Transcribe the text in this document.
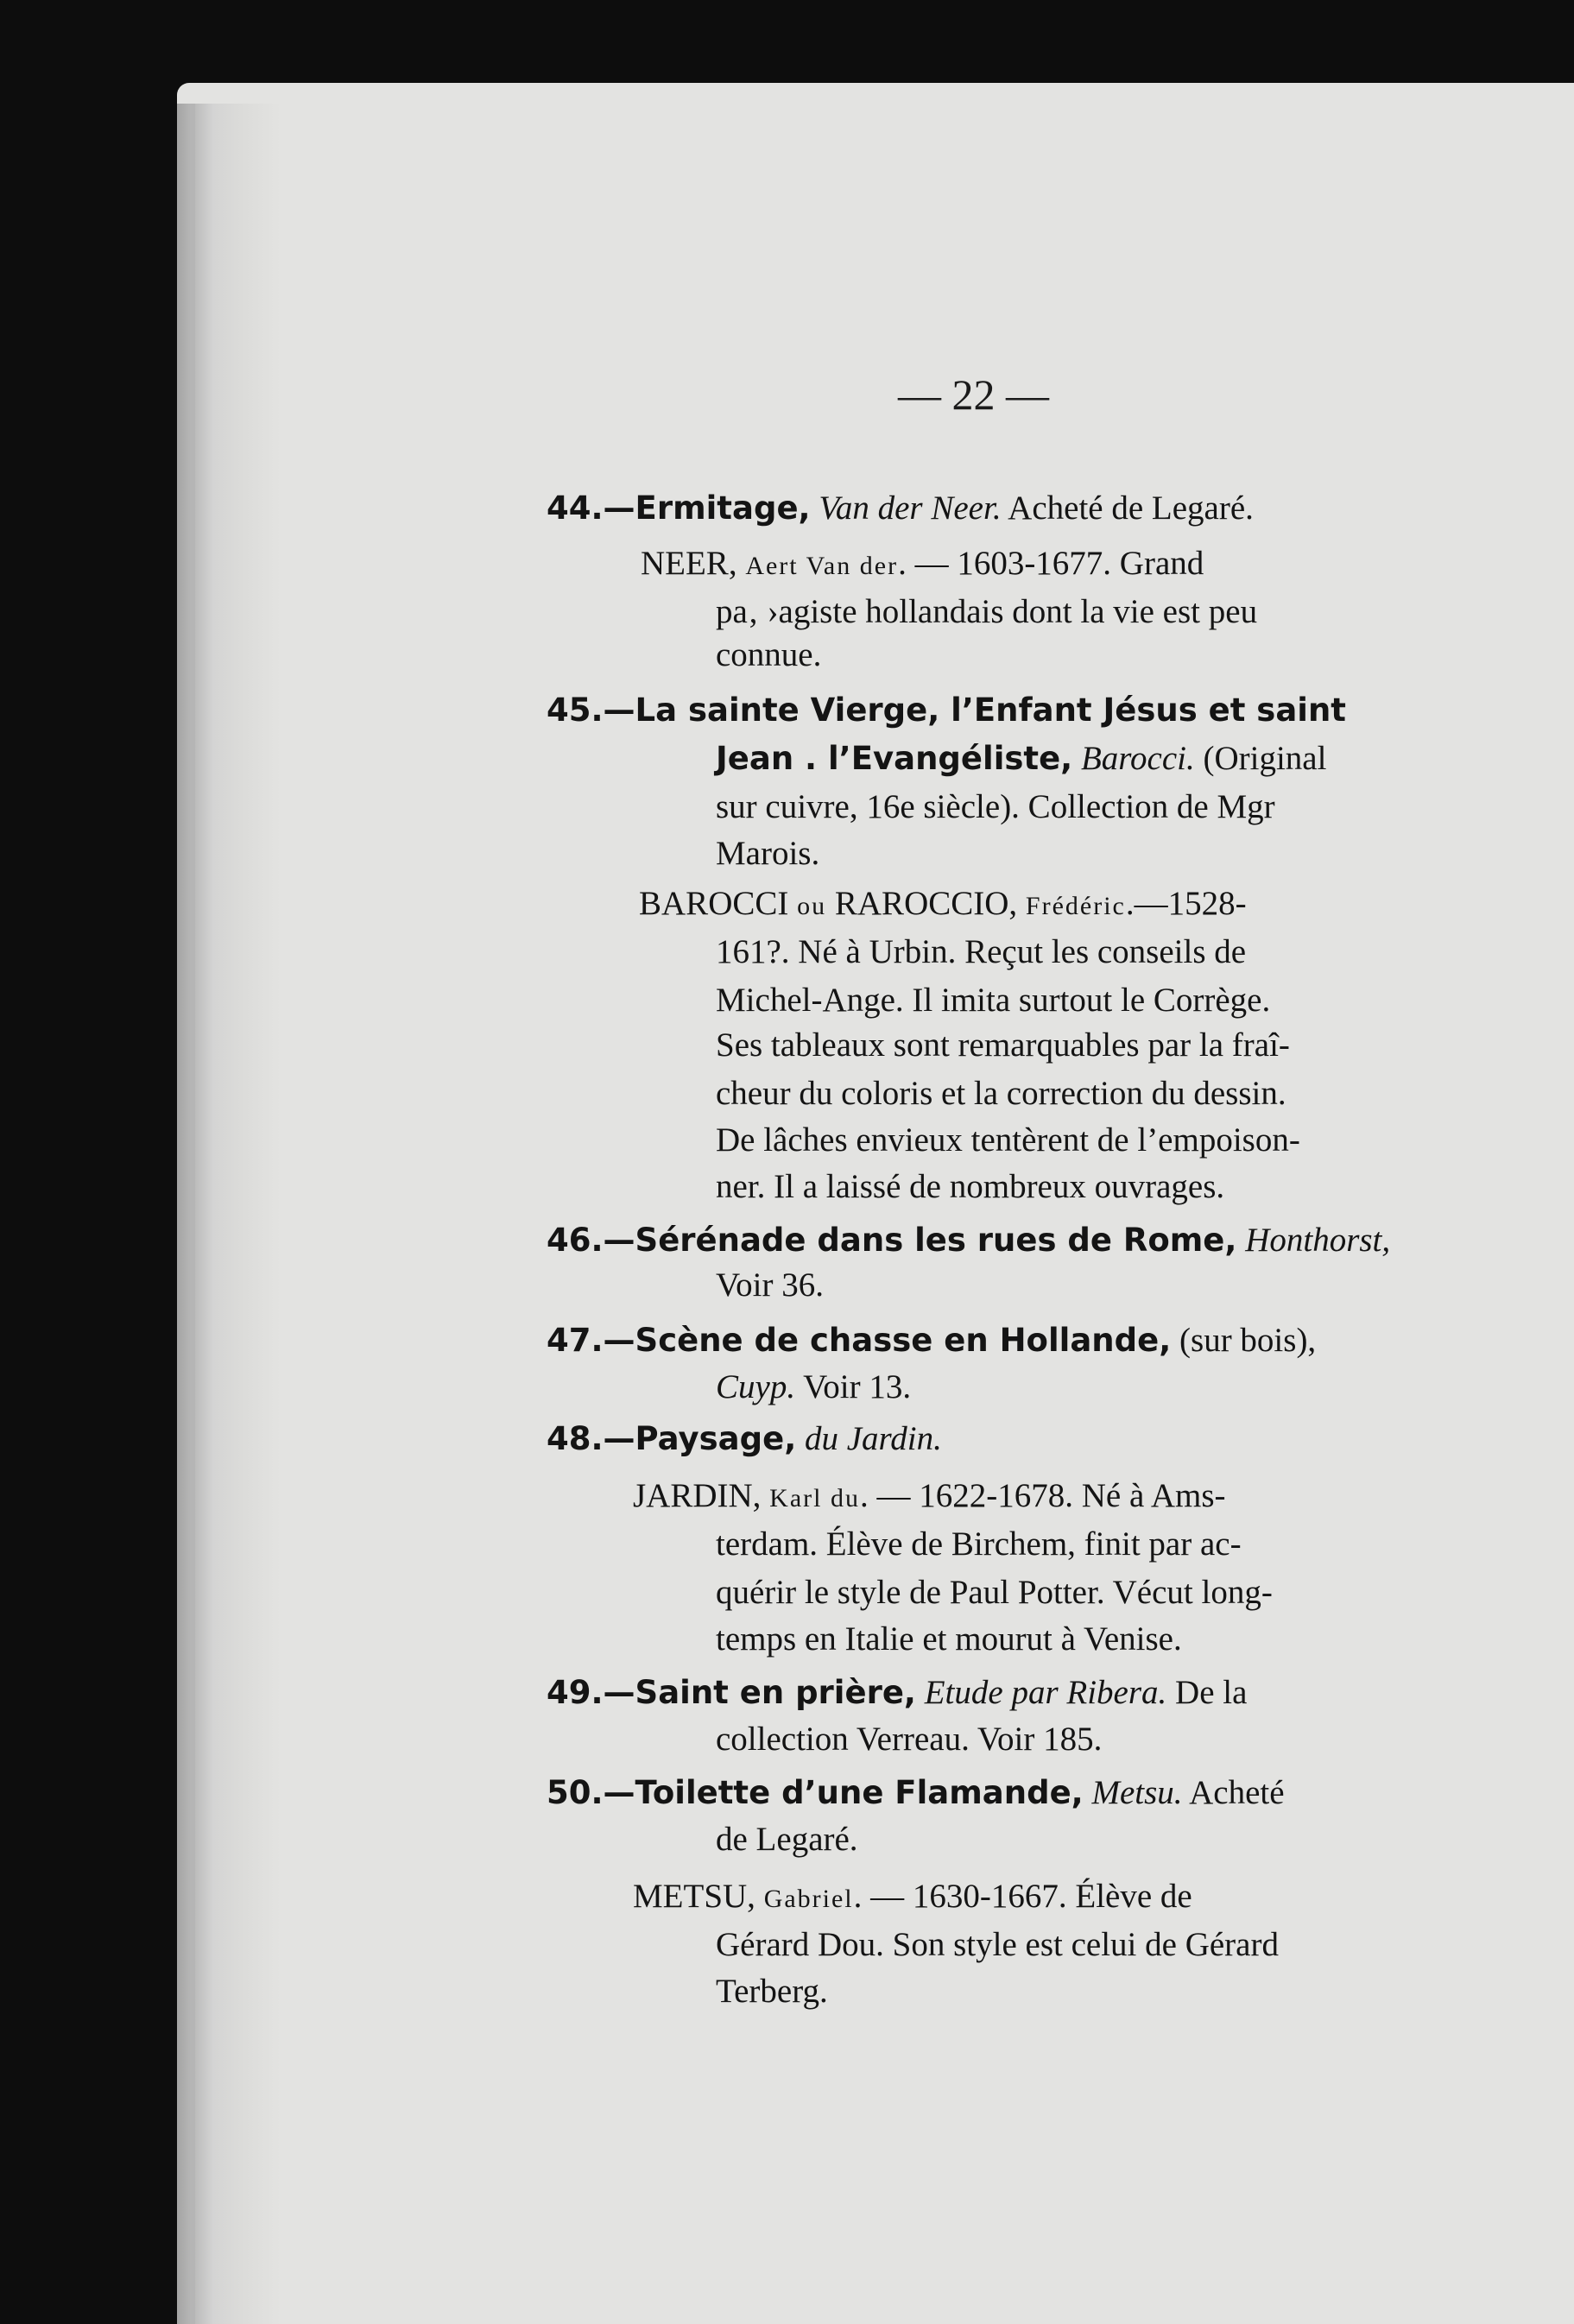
— 22 —

44.—Ermitage, Van der Neer. Acheté de Legaré.

NEER, Aert Van der. — 1603-1677. Grand

pa‚ ›agiste hollandais dont la vie est peu

connue.

45.—La sainte Vierge, l’Enfant Jésus et saint

Jean . l’Evangéliste, Barocci. (Original

sur cuivre, 16e siècle). Collection de Mgr

Marois.

BAROCCI ou RAROCCIO, Frédéric.—1528-

161?. Né à Urbin. Reçut les conseils de

Michel-Ange. Il imita surtout le Corrège.

Ses tableaux sont remarquables par la fraî-

cheur du coloris et la correction du dessin.

De lâches envieux tentèrent de l’empoison-

ner. Il a laissé de nombreux ouvrages.

46.—Sérénade dans les rues de Rome, Honthorst,

Voir 36.

47.—Scène de chasse en Hollande, (sur bois),

Cuyp. Voir 13.

48.—Paysage, du Jardin.

JARDIN, Karl du. — 1622-1678. Né à Ams-

terdam. Élève de Birchem, finit par ac-

quérir le style de Paul Potter. Vécut long-

temps en Italie et mourut à Venise.

49.—Saint en prière, Etude par Ribera. De la

collection Verreau. Voir 185.

50.—Toilette d’une Flamande, Metsu. Acheté

de Legaré.

METSU, Gabriel. — 1630-1667. Élève de

Gérard Dou. Son style est celui de Gérard

Terberg.
